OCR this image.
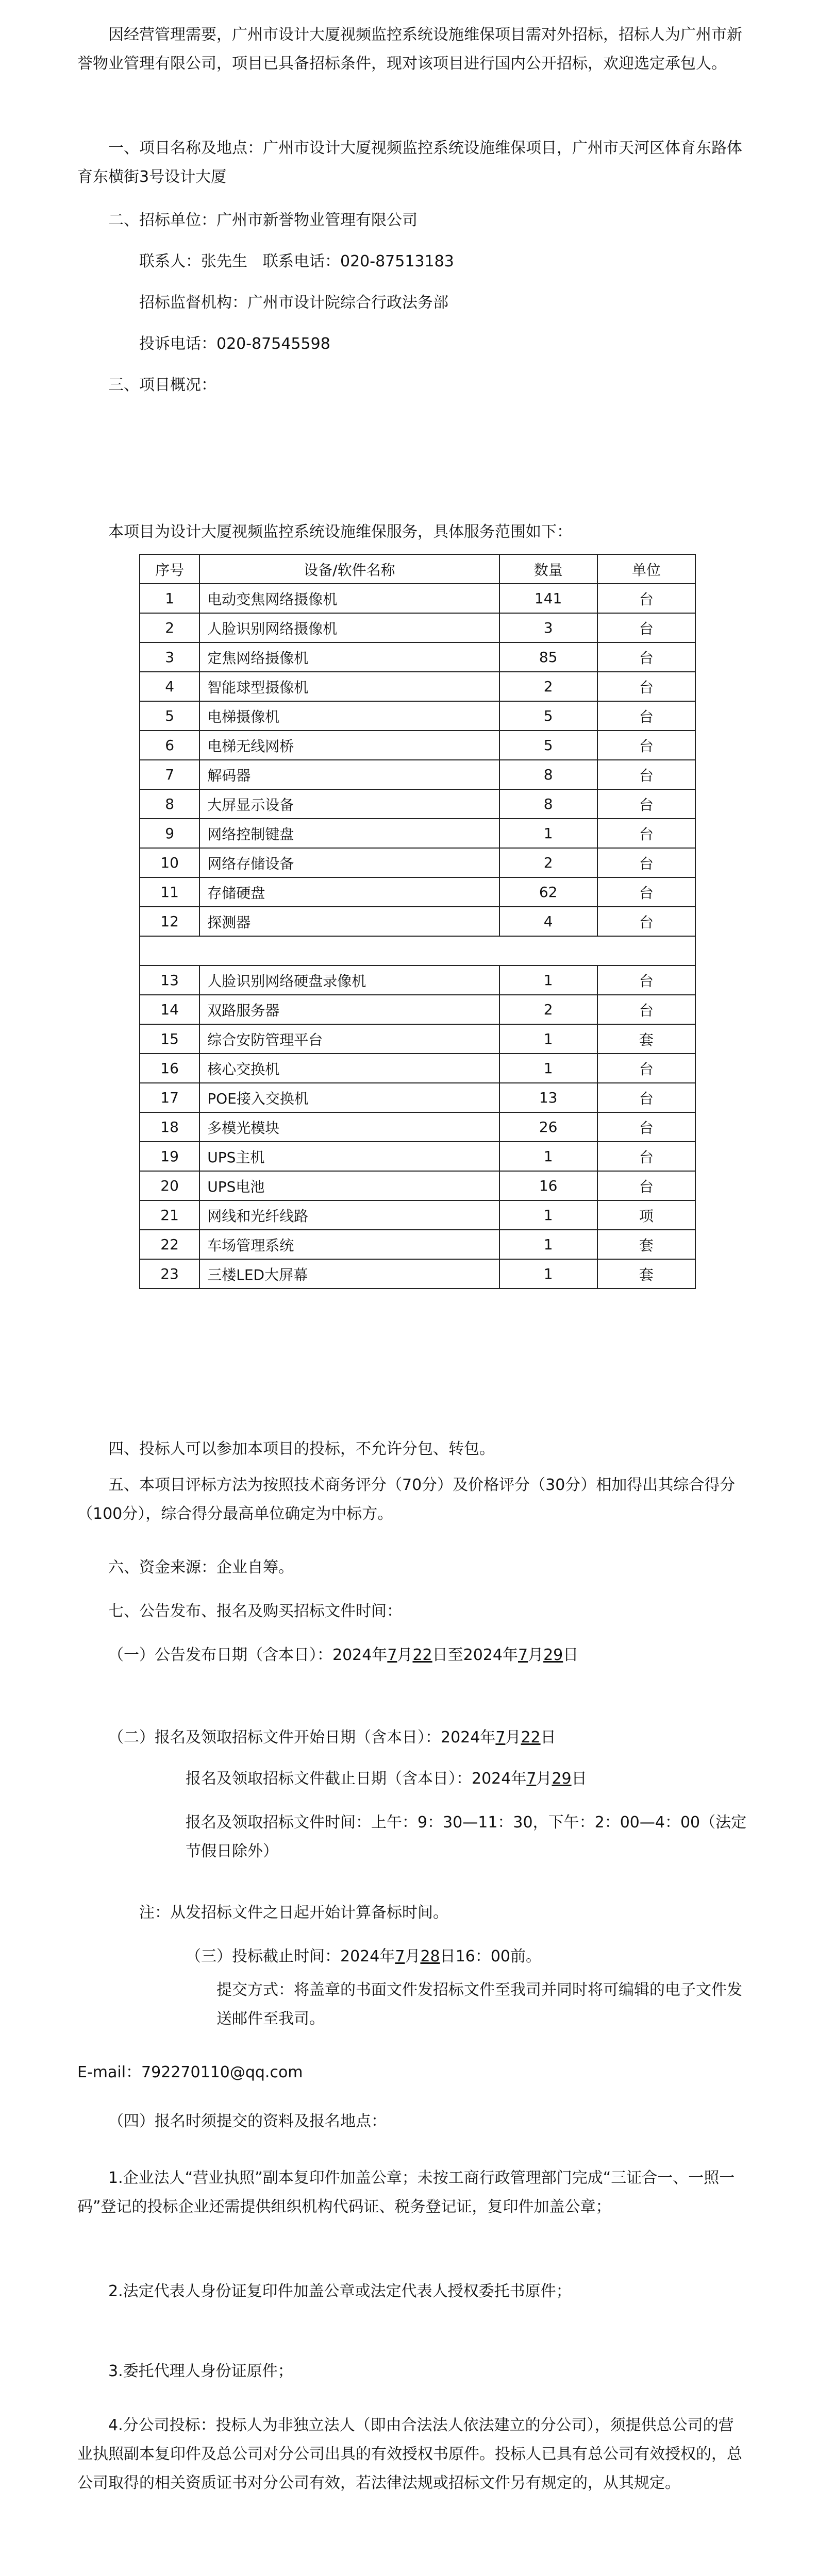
因经营管理需要，广州市设计大厦视频监控系统设施维保项目需对外招标，招标人为广州市新誉物业管理有限公司，项目已具备招标条件，现对该项目进行国内公开招标，欢迎选定承包人。

一、项目名称及地点：广州市设计大厦视频监控系统设施维保项目，广州市天河区体育东路体育东横街3号设计大厦

二、招标单位：广州市新誉物业管理有限公司

联系人：张先生　联系电话：020-87513183

招标监督机构：广州市设计院综合行政法务部

投诉电话：020-87545598

三、项目概况：

本项目为设计大厦视频监控系统设施维保服务，具体服务范围如下：

序号	设备/软件名称	数量	单位
1	电动变焦网络摄像机	141	台
2	人脸识别网络摄像机	3	台
3	定焦网络摄像机	85	台
4	智能球型摄像机	2	台
5	电梯摄像机	5	台
6	电梯无线网桥	5	台
7	解码器	8	台
8	大屏显示设备	8	台
9	网络控制键盘	1	台
10	网络存储设备	2	台
11	存储硬盘	62	台
12	探测器	4	台

13	人脸识别网络硬盘录像机	1	台
14	双路服务器	2	台
15	综合安防管理平台	1	套
16	核心交换机	1	台
17	POE接入交换机	13	台
18	多模光模块	26	台
19	UPS主机	1	台
20	UPS电池	16	台
21	网线和光纤线路	1	项
22	车场管理系统	1	套
23	三楼LED大屏幕	1	套

四、投标人可以参加本项目的投标，不允许分包、转包。

五、本项目评标方法为按照技术商务评分（70分）及价格评分（30分）相加得出其综合得分（100分），综合得分最高单位确定为中标方。

六、资金来源：企业自筹。

七、公告发布、报名及购买招标文件时间：

（一）公告发布日期（含本日）：2024年7月22日至2024年7月29日

（二）报名及领取招标文件开始日期（含本日）：2024年7月22日

报名及领取招标文件截止日期（含本日）：2024年7月29日

报名及领取招标文件时间：上午：9：30—11：30，下午：2：00—4：00（法定节假日除外）

注：从发招标文件之日起开始计算备标时间。

（三）投标截止时间：2024年7月28日16：00前。

提交方式：将盖章的书面文件发招标文件至我司并同时将可编辑的电子文件发送邮件至我司。

E-mail：792270110@qq.com

（四）报名时须提交的资料及报名地点：

1.企业法人“营业执照”副本复印件加盖公章；未按工商行政管理部门完成“三证合一、一照一码”登记的投标企业还需提供组织机构代码证、税务登记证，复印件加盖公章；

2.法定代表人身份证复印件加盖公章或法定代表人授权委托书原件；

3.委托代理人身份证原件；

4.分公司投标：投标人为非独立法人（即由合法法人依法建立的分公司），须提供总公司的营业执照副本复印件及总公司对分公司出具的有效授权书原件。投标人已具有总公司有效授权的，总公司取得的相关资质证书对分公司有效，若法律法规或招标文件另有规定的，从其规定。
